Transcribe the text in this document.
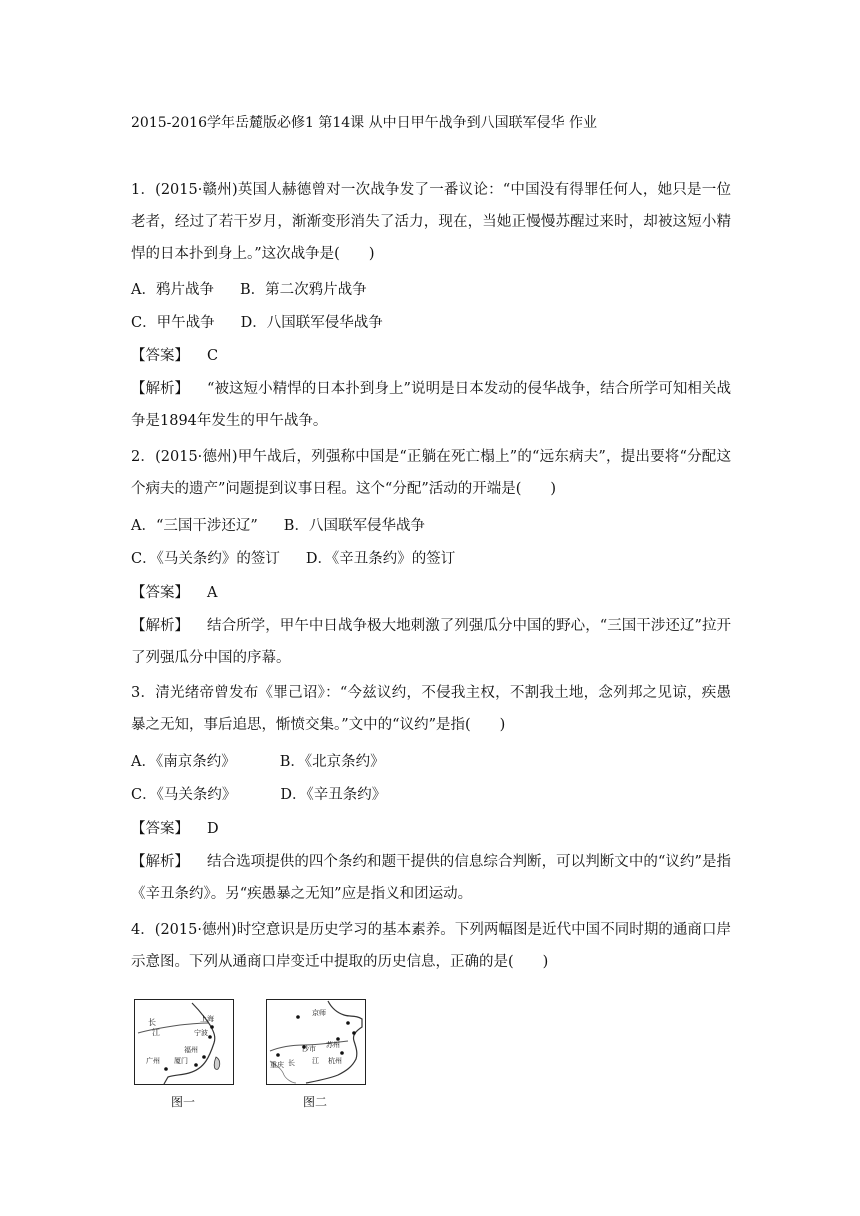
2015-2016学年岳麓版必修1 第14课 从中日甲午战争到八国联军侵华 作业
1．(2015·赣州)英国人赫德曾对一次战争发了一番议论：“中国没有得罪任何人，她只是一位老者，经过了若干岁月，渐渐变形消失了活力，现在，当她正慢慢苏醒过来时，却被这短小精悍的日本扑到身上。”这次战争是(　　)
A．鸦片战争 B．第二次鸦片战争
C．甲午战争 D．八国联军侵华战争
【答案】 C
【解析】 “被这短小精悍的日本扑到身上”说明是日本发动的侵华战争，结合所学可知相关战争是1894年发生的甲午战争。
2．(2015·德州)甲午战后，列强称中国是“正躺在死亡榻上”的“远东病夫”，提出要将“分配这个病夫的遗产”问题提到议事日程。这个“分配”活动的开端是(　　)
A．“三国干涉还辽” B．八国联军侵华战争
C．《马关条约》的签订 D．《辛丑条约》的签订
【答案】 A
【解析】 结合所学，甲午中日战争极大地刺激了列强瓜分中国的野心，“三国干涉还辽”拉开了列强瓜分中国的序幕。
3．清光绪帝曾发布《罪己诏》：“今兹议约，不侵我主权，不割我土地，念列邦之见谅，疾愚暴之无知，事后追思，惭愤交集。”文中的“议约”是指(　　)
A．《南京条约》	B．《北京条约》
C．《马关条约》	D．《辛丑条约》
【答案】 D
【解析】 结合选项提供的四个条约和题干提供的信息综合判断，可以判断文中的“议约”是指《辛丑条约》。另“疾愚暴之无知”应是指义和团运动。
4．(2015·德州)时空意识是历史学习的基本素养。下列两幅图是近代中国不同时期的通商口岸示意图。下列从通商口岸变迁中提取的历史信息，正确的是(　　)
长
江
上海
宁波
福州
厦门
广州
图一
京师
沙市 苏州
重庆 长 江 杭州
图二
